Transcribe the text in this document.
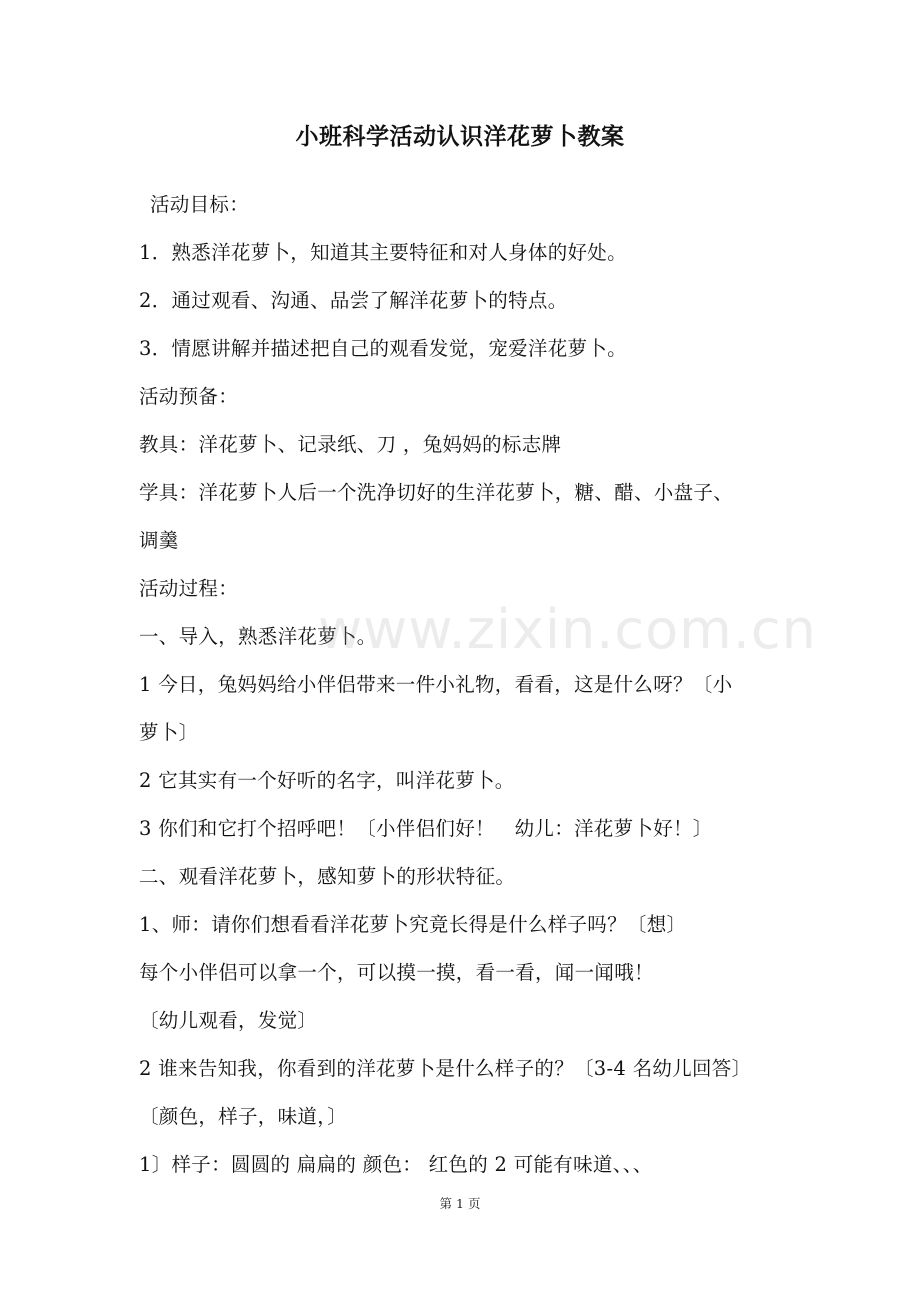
小班科学活动认识洋花萝卜教案
活动目标：
1．熟悉洋花萝卜，知道其主要特征和对人身体的好处。
2．通过观看、沟通、品尝了解洋花萝卜的特点。
3．情愿讲解并描述把自己的观看发觉，宠爱洋花萝卜。
活动预备：
教具：洋花萝卜、记录纸、刀 ，兔妈妈的标志牌
学具：洋花萝卜人后一个洗净切好的生洋花萝卜，糖、醋、小盘子、
调羹
活动过程：
一、导入，熟悉洋花萝卜。
1 今日，兔妈妈给小伴侣带来一件小礼物，看看，这是什么呀？〔小
萝卜〕
2 它其实有一个好听的名字，叫洋花萝卜。
3 你们和它打个招呼吧！〔小伴侣们好！　幼儿：洋花萝卜好！〕
二、观看洋花萝卜，感知萝卜的形状特征。
1、师：请你们想看看洋花萝卜究竟长得是什么样子吗？〔想〕
每个小伴侣可以拿一个，可以摸一摸，看一看，闻一闻哦！
〔幼儿观看，发觉〕
2 谁来告知我，你看到的洋花萝卜是什么样子的？〔3-4 名幼儿回答〕
〔颜色，样子，味道，〕
1〕样子：圆圆的 扁扁的 颜色： 红色的 2 可能有味道、、、
www.zixin.com.cn
第 1 页
